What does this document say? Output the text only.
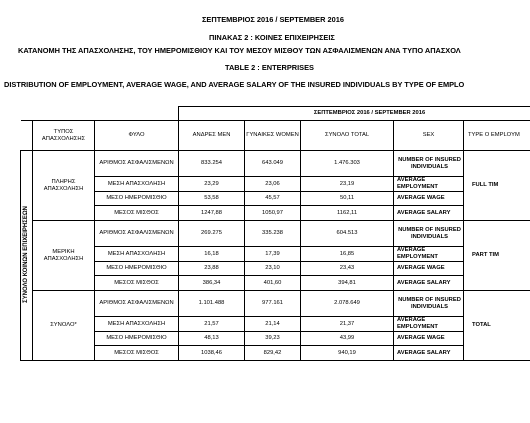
ΣΕΠΤΕΜΒΡΙΟΣ 2016 / SEPTEMBER 2016
ΠΙΝΑΚΑΣ 2 : ΚΟΙΝΕΣ ΕΠΙΧΕΙΡΗΣΕΙΣ
ΚΑΤΑΝΟΜΗ ΤΗΣ ΑΠΑΣΧΟΛΗΣΗΣ, ΤΟΥ ΗΜΕΡΟΜΙΣΘΙΟΥ ΚΑΙ ΤΟΥ ΜΕΣΟΥ ΜΙΣΘΟΥ ΤΩΝ ΑΣΦΑΛΙΣΜΕΝΩΝ ΑΝΑ ΤΥΠΟ ΑΠΑΣΧΟΛ
TABLE 2 : ENTERPRISES
DISTRIBUTION OF EMPLOYMENT, AVERAGE WAGE, AND AVERAGE SALARY OF THE INSURED INDIVIDUALS BY TYPE OF EMPLO
			ΣΕΠΤΕΜΒΡΙΟΣ 2016 / SEPTEMBER 2016				
	ΤΥΠΟΣ ΑΠΑΣΧΟΛΗΣΗΣ	ΦΥΛΟ	ΑΝΔΡΕΣ MEN	ΓΥΝΑΙΚΕΣ WOMEN	ΣΥΝΟΛΟ TOTAL	SEX	TYPE O EMPLOYM
ΣΥΝΟΛΟ ΚΟΙΝΩΝ ΕΠΙΧΕΙΡΗΣΕΩΝ	ΠΛΗΡΗΣ ΑΠΑΣΧΟΛΗΣΗ	ΑΡΙΘΜΟΣ ΑΣΦΑΛΙΣΜΕΝΩΝ	833.254	643.049	1.476.303	NUMBER OF INSURED INDIVIDUALS	FULL TIM
		ΜΕΣΗ ΑΠΑΣΧΟΛΗΣΗ	23,29	23,06	23,19	AVERAGE EMPLOYMENT	
		ΜΕΣΟ ΗΜΕΡΟΜΙΣΘΙΟ	53,58	45,57	50,11	AVERAGE WAGE	
		ΜΕΣΟΣ ΜΙΣΘΟΣ	1247,88	1050,97	1162,11	AVERAGE SALARY	
	ΜΕΡΙΚΗ ΑΠΑΣΧΟΛΗΣΗ	ΑΡΙΘΜΟΣ ΑΣΦΑΛΙΣΜΕΝΩΝ	269.275	335.238	604.513	NUMBER OF INSURED INDIVIDUALS	PART TIM
		ΜΕΣΗ ΑΠΑΣΧΟΛΗΣΗ	16,18	17,39	16,85	AVERAGE EMPLOYMENT	
		ΜΕΣΟ ΗΜΕΡΟΜΙΣΘΙΟ	23,88	23,10	23,43	AVERAGE WAGE	
		ΜΕΣΟΣ ΜΙΣΘΟΣ	386,34	401,60	394,81	AVERAGE SALARY	
	ΣΥΝΟΛΟ*	ΑΡΙΘΜΟΣ ΑΣΦΑΛΙΣΜΕΝΩΝ	1.101.488	977.161	2.078.649	NUMBER OF INSURED INDIVIDUALS	TOTAL
		ΜΕΣΗ ΑΠΑΣΧΟΛΗΣΗ	21,57	21,14	21,37	AVERAGE EMPLOYMENT	
		ΜΕΣΟ ΗΜΕΡΟΜΙΣΘΙΟ	48,13	39,23	43,99	AVERAGE WAGE	
		ΜΕΣΟΣ ΜΙΣΘΟΣ	1038,46	829,42	940,19	AVERAGE SALARY	
